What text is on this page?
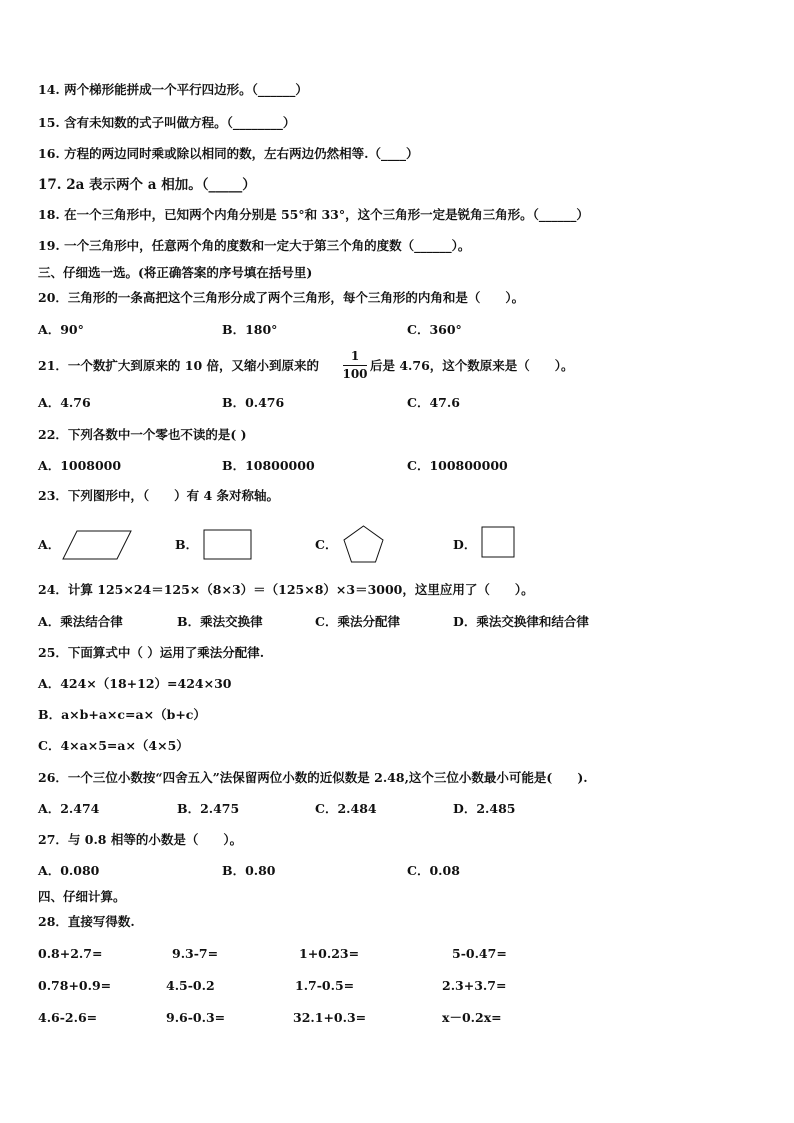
14. 两个梯形能拼成一个平行四边形。（______）
15. 含有未知数的式子叫做方程。（________）
16. 方程的两边同时乘或除以相同的数，左右两边仍然相等.（____）
17. 2a 表示两个 a 相加。（_____）
18. 在一个三角形中，已知两个内角分别是 55°和 33°，这个三角形一定是锐角三角形。（______）
19. 一个三角形中，任意两个角的度数和一定大于第三个角的度数（______）。
三、仔细选一选。(将正确答案的序号填在括号里)
20．三角形的一条高把这个三角形分成了两个三角形，每个三角形的内角和是（　　）。
A．90°	B．180°	C．360°
21．一个数扩大到原来的 10 倍，又缩小到原来的
1
100
后是 4.76，这个数原来是（　　）。
A．4.76	B．0.476	C．47.6
22．下列各数中一个零也不读的是( )
A．1008000	B．10800000	C．100800000
23．下列图形中，（　　）有 4 条对称轴。
A．	B．	C．	D．
24．计算 125×24＝125×（8×3）＝（125×8）×3＝3000，这里应用了（　　）。
A．乘法结合律	B．乘法交换律	C．乘法分配律	D．乘法交换律和结合律
25．下面算式中（ ）运用了乘法分配律.
A．424×（18+12）=424×30
B．a×b+a×c=a×（b+c）
C．4×a×5=a×（4×5）
26．一个三位小数按“四舍五入”法保留两位小数的近似数是 2.48,这个三位小数最小可能是(　　).
A．2.474	B．2.475	C．2.484	D．2.485
27．与 0.8 相等的小数是（　　）。
A．0.080	B．0.80	C．0.08
四、仔细计算。
28．直接写得数.
0.8+2.7=	9.3-7=	1+0.23=	5-0.47=
0.78+0.9=	4.5-0.2	1.7-0.5=	2.3+3.7=
4.6-2.6=	9.6-0.3=	32.1+0.3=	x－0.2x=
